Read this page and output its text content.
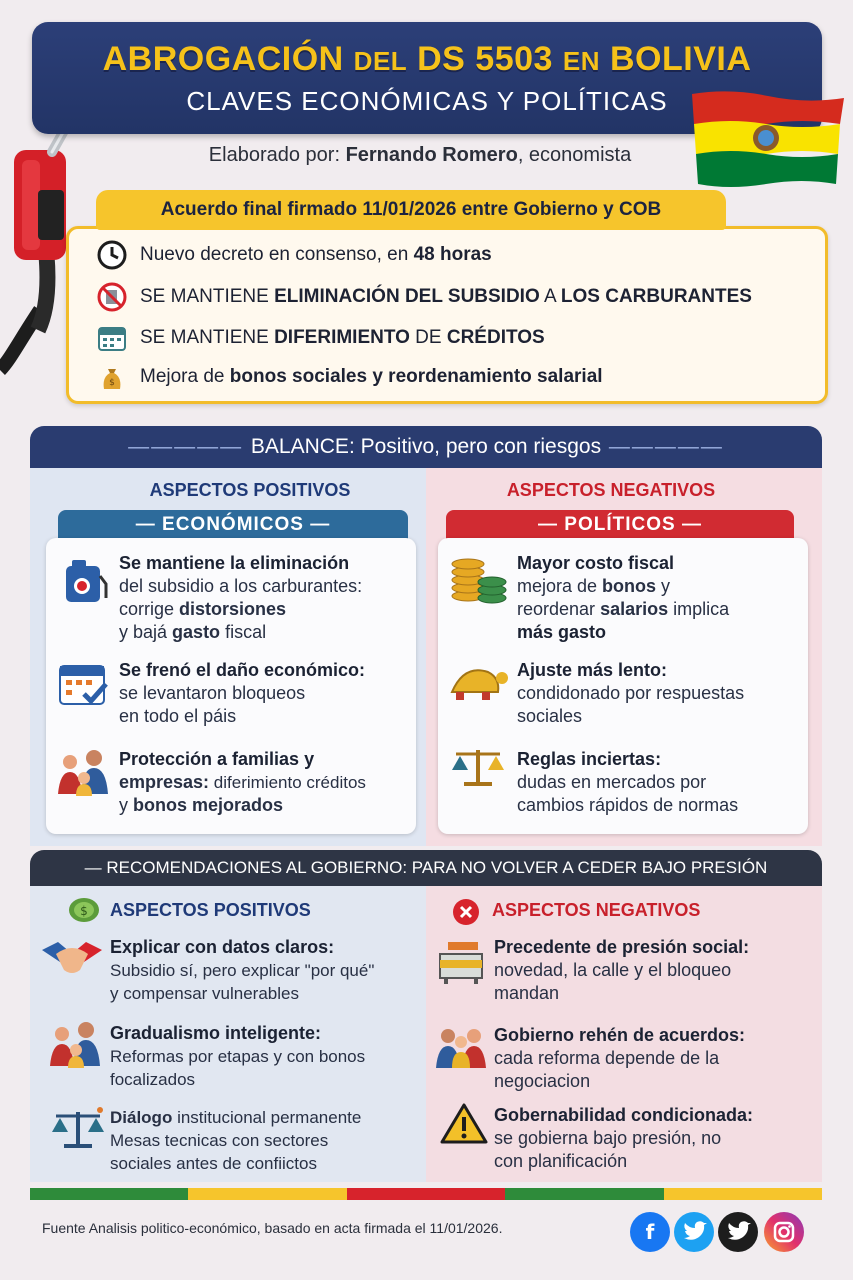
ABROGACIÓN DEL DS 5503 EN BOLIVIA
CLAVES ECONÓMICAS Y POLÍTICAS
Elaborado por: Fernando Romero, economista
Acuerdo final firmado 11/01/2026 entre Gobierno y COB
Nuevo decreto en consenso, en 48 horas
SE MANTIENE ELIMINACIÓN DEL SUBSIDIO A LOS CARBURANTES
SE MANTIENE DIFERIMIENTO DE CRÉDITOS
$ Mejora de bonos sociales y reordenamiento salarial
————— BALANCE: Positivo, pero con riesgos —————
ASPECTOS POSITIVOS	ASPECTOS NEGATIVOS
— ECONÓMICOS —	— POLÍTICOS —
Se mantiene la eliminación
del subsidio a los carburantes:
corrige distorsiones
y bajá gasto fiscal
Se frenó el daño económico:
se levantaron bloqueos
en todo el páis
Protección a familias y
empresas: diferimiento créditos
y bonos mejorados
Mayor costo fiscal
mejora de bonos y
reordenar salarios implica
más gasto
Ajuste más lento:
condidonado por respuestas
sociales
Reglas inciertas:
dudas en mercados por
cambios rápidos de normas
— RECOMENDACIONES AL GOBIERNO: PARA NO VOLVER A CEDER BAJO PRESIÓN
$ ASPECTOS POSITIVOS	ASPECTOS NEGATIVOS
Explicar con datos claros:
Subsidio sí, pero explicar "por qué"
y compensar vulnerables
Gradualismo inteligente:
Reformas por etapas y con bonos
focalizados
Diálogo institucional permanente
Mesas tecnicas con sectores
sociales antes de confiictos
Precedente de presión social:
novedad, la calle y el bloqueo
mandan
Gobierno rehén de acuerdos:
cada reforma depende de la
negociacion
Gobernabilidad condicionada:
se gobierna bajo presión, no
con planificación
Fuente Analisis politico-económico, basado en acta firmada el 11/01/2026.	f
